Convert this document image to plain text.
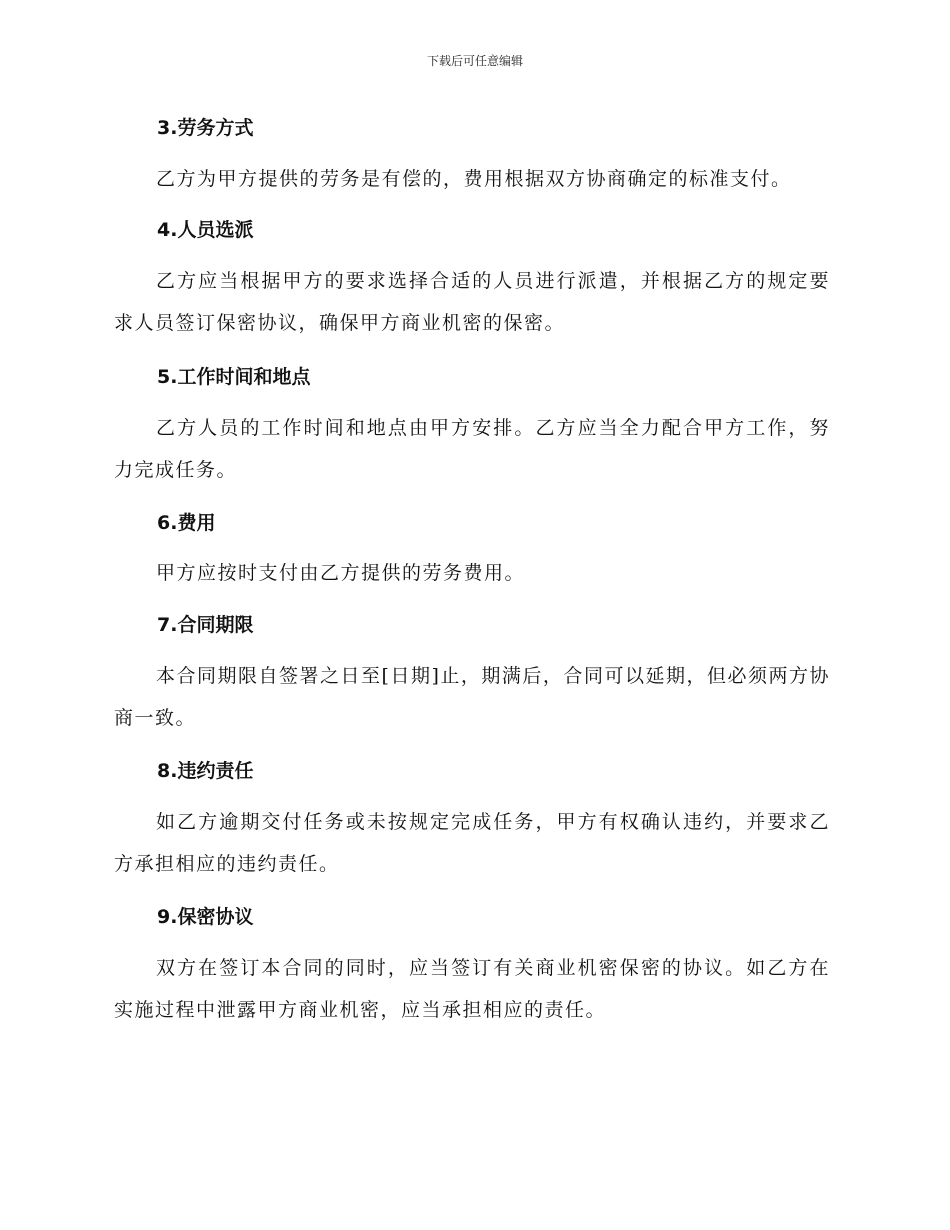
下载后可任意编辑
3.劳务方式

乙方为甲方提供的劳务是有偿的，费用根据双方协商确定的标准支付。

4.人员选派

乙方应当根据甲方的要求选择合适的人员进行派遣，并根据乙方的规定要求人员签订保密协议，确保甲方商业机密的保密。

5.工作时间和地点

乙方人员的工作时间和地点由甲方安排。乙方应当全力配合甲方工作，努力完成任务。

6.费用

甲方应按时支付由乙方提供的劳务费用。

7.合同期限

本合同期限自签署之日至[日期]止，期满后，合同可以延期，但必须两方协商一致。

8.违约责任

如乙方逾期交付任务或未按规定完成任务，甲方有权确认违约，并要求乙方承担相应的违约责任。

9.保密协议

双方在签订本合同的同时，应当签订有关商业机密保密的协议。如乙方在实施过程中泄露甲方商业机密，应当承担相应的责任。
